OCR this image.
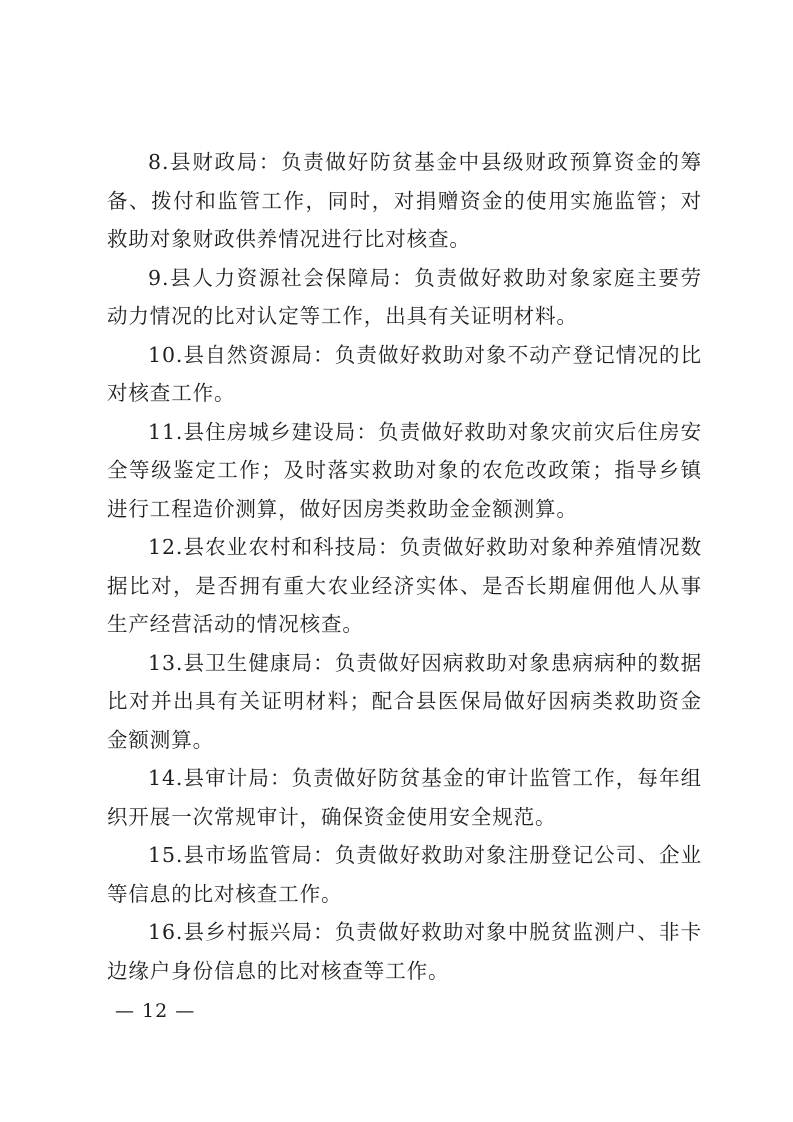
8.县财政局：负责做好防贫基金中县级财政预算资金的筹备、拨付和监管工作，同时，对捐赠资金的使用实施监管；对救助对象财政供养情况进行比对核查。

9.县人力资源社会保障局：负责做好救助对象家庭主要劳动力情况的比对认定等工作，出具有关证明材料。

10.县自然资源局：负责做好救助对象不动产登记情况的比对核查工作。

11.县住房城乡建设局：负责做好救助对象灾前灾后住房安全等级鉴定工作；及时落实救助对象的农危改政策；指导乡镇进行工程造价测算，做好因房类救助金金额测算。

12.县农业农村和科技局：负责做好救助对象种养殖情况数据比对，是否拥有重大农业经济实体、是否长期雇佣他人从事生产经营活动的情况核查。

13.县卫生健康局：负责做好因病救助对象患病病种的数据比对并出具有关证明材料；配合县医保局做好因病类救助资金金额测算。

14.县审计局：负责做好防贫基金的审计监管工作，每年组织开展一次常规审计，确保资金使用安全规范。

15.县市场监管局：负责做好救助对象注册登记公司、企业等信息的比对核查工作。

16.县乡村振兴局：负责做好救助对象中脱贫监测户、非卡边缘户身份信息的比对核查等工作。

— 12 —
